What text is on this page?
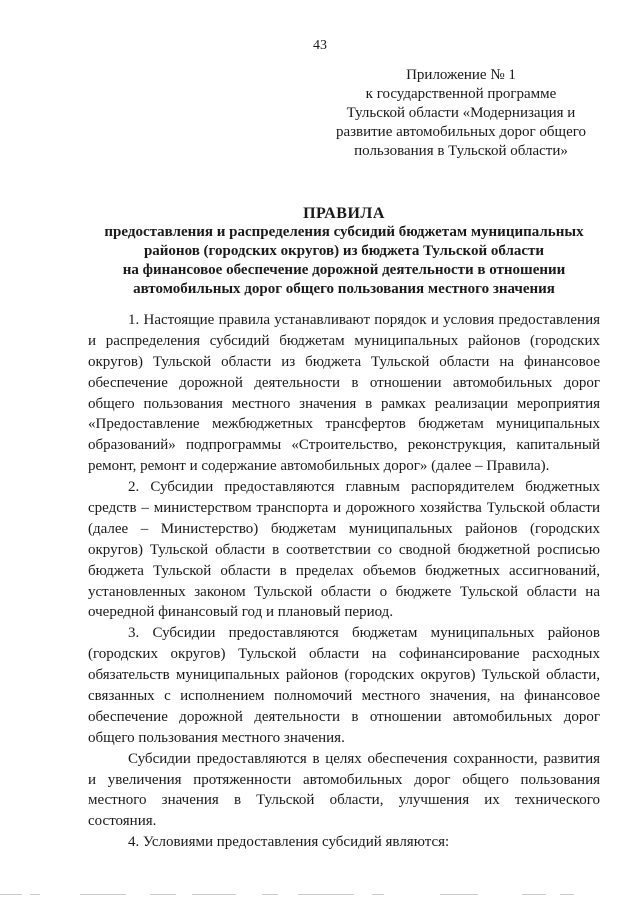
43
Приложение № 1
к государственной программе
Тульской области «Модернизация и
развитие автомобильных дорог общего
пользования в Тульской области»
ПРАВИЛА
предоставления и распределения субсидий бюджетам муниципальных
районов (городских округов) из бюджета Тульской области
на финансовое обеспечение дорожной деятельности в отношении
автомобильных дорог общего пользования местного значения
1. Настоящие правила устанавливают порядок и условия предоставления
и распределения субсидий бюджетам муниципальных районов (городских
округов) Тульской области из бюджета Тульской области на финансовое
обеспечение дорожной деятельности в отношении автомобильных дорог
общего пользования местного значения в рамках реализации мероприятия
«Предоставление межбюджетных трансфертов бюджетам муниципальных
образований» подпрограммы «Строительство, реконструкция, капитальный
ремонт, ремонт и содержание автомобильных дорог» (далее – Правила).
2. Субсидии предоставляются главным распорядителем бюджетных
средств – министерством транспорта и дорожного хозяйства Тульской области
(далее – Министерство) бюджетам муниципальных районов (городских
округов) Тульской области в соответствии со сводной бюджетной росписью
бюджета Тульской области в пределах объемов бюджетных ассигнований,
установленных законом Тульской области о бюджете Тульской области на
очередной финансовый год и плановый период.
3. Субсидии предоставляются бюджетам муниципальных районов
(городских округов) Тульской области на софинансирование расходных
обязательств муниципальных районов (городских округов) Тульской области,
связанных с исполнением полномочий местного значения, на финансовое
обеспечение дорожной деятельности в отношении автомобильных дорог
общего пользования местного значения.
Субсидии предоставляются в целях обеспечения сохранности, развития
и увеличения протяженности автомобильных дорог общего пользования
местного значения в Тульской области, улучшения их технического
состояния.
4. Условиями предоставления субсидий являются:
